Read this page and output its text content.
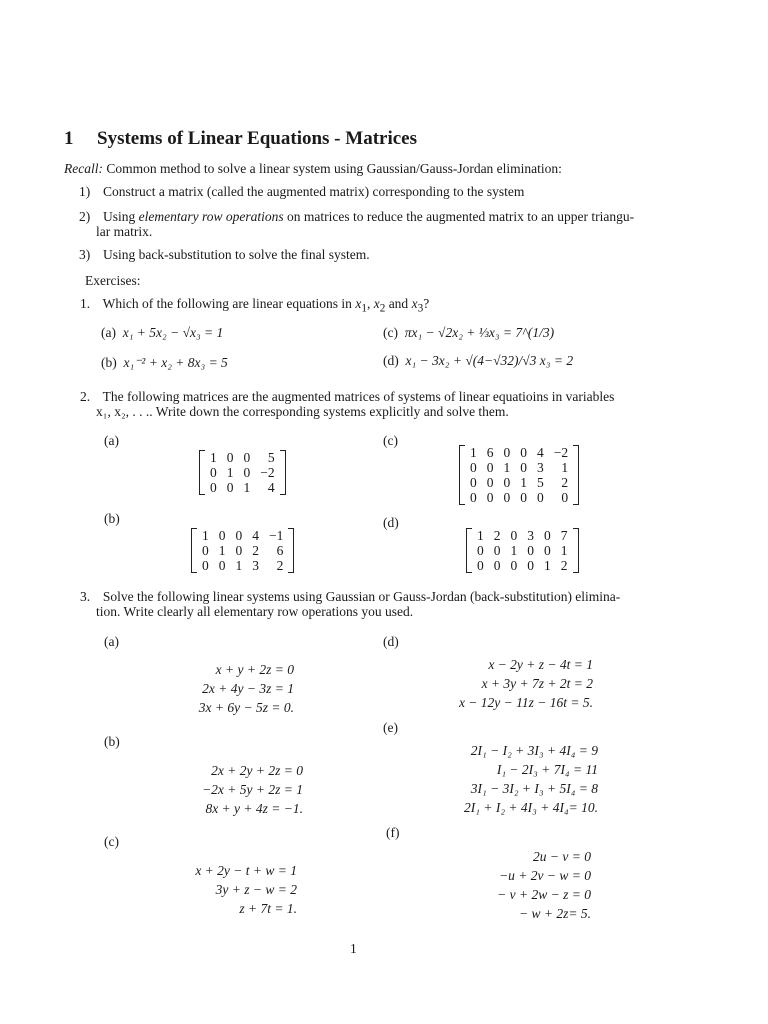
1 Systems of Linear Equations - Matrices
Recall: Common method to solve a linear system using Gaussian/Gauss-Jordan elimination:
1) Construct a matrix (called the augmented matrix) corresponding to the system
2) Using elementary row operations on matrices to reduce the augmented matrix to an upper triangu-
lar matrix.
3) Using back-substitution to solve the final system.
Exercises:
1. Which of the following are linear equations in $x_1$, $x_2$ and $x_3$?
(a) x₁ + 5x₂ − √x₃ = 1	(c) πx₁ − √2x₂ + ⅓x₃ = 7^(1/3)
(b) x₁⁻² + x₂ + 8x₃ = 5	(d) x₁ − 3x₂ + √(4−√32)/√3 x₃ = 2
2. The following matrices are the augmented matrices of systems of linear equatioins in variables
x₁, x₂, . . .. Write down the corresponding systems explicitly and solve them.
(a)	(c)
(b)	(d)
1	0	0	5
0	1	0	−2
0	0	1	4
1	0	0	4	−1
0	1	0	2	6
0	0	1	3	2
1	6	0	0	4	−2
0	0	1	0	3	1
0	0	0	1	5	2
0	0	0	0	0	0
1	2	0	3	0	7
0	0	1	0	0	1
0	0	0	0	1	2
3. Solve the following linear systems using Gaussian or Gauss-Jordan (back-substitution) elimina-
tion. Write clearly all elementary row operations you used.
(a)	(d)
(e)
(b)
(f)
(c)
x + y + 2z = 0
2x + 4y − 3z = 1
3x + 6y − 5z = 0.
2x + 2y + 2z = 0
−2x + 5y + 2z = 1
8x + y + 4z = −1.
x + 2y − t + w = 1
3y + z − w = 2
z + 7t = 1.
x − 2y + z − 4t = 1
x + 3y + 7z + 2t = 2
x − 12y − 11z − 16t = 5.
2I₁ − I₂ + 3I₃ + 4I₄ = 9
I₁ − 2I₃ + 7I₄ = 11
3I₁ − 3I₂ + I₃ + 5I₄ = 8
2I₁ + I₂ + 4I₃ + 4I₄= 10.
2u − v = 0
−u + 2v − w = 0
− v + 2w − z = 0
− w + 2z= 5.
1
